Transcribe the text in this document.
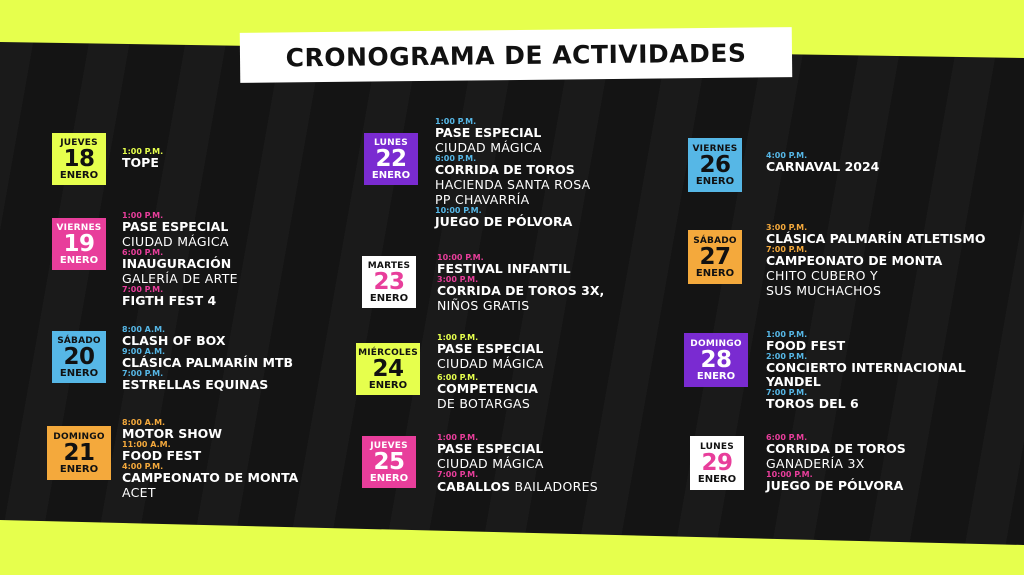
CRONOGRAMA DE ACTIVIDADES
JUEVES
18
ENERO
1:00 P.M.
TOPE
VIERNES
19
ENERO
1:00 P.M.
PASE ESPECIAL
CIUDAD MÁGICA
6:00 P.M.
INAUGURACIÓN
GALERÍA DE ARTE
7:00 P.M.
FIGTH FEST 4
SÁBADO
20
ENERO
8:00 A.M.
CLASH OF BOX
9:00 A.M.
CLÁSICA PALMARÍN MTB
7:00 P.M.
ESTRELLAS EQUINAS
DOMINGO
21
ENERO
8:00 A.M.
MOTOR SHOW
11:00 A.M.
FOOD FEST
4:00 P.M.
CAMPEONATO DE MONTA
ACET
LUNES
22
ENERO
1:00 P.M.
PASE ESPECIAL
CIUDAD MÁGICA
6:00 P.M.
CORRIDA DE TOROS
HACIENDA SANTA ROSA
PP CHAVARRÍA
10:00 P.M.
JUEGO DE PÓLVORA
MARTES
23
ENERO
10:00 P.M.
FESTIVAL INFANTIL
3:00 P.M.
CORRIDA DE TOROS 3X,
NIÑOS GRATIS
MIÉRCOLES
24
ENERO
1:00 P.M.
PASE ESPECIAL
CIUDAD MÁGICA
6:00 P.M.
COMPETENCIA
DE BOTARGAS
JUEVES
25
ENERO
1:00 P.M.
PASE ESPECIAL
CIUDAD MÁGICA
7:00 P.M.
CABALLOS BAILADORES
VIERNES
26
ENERO
4:00 P.M.
CARNAVAL 2024
SÁBADO
27
ENERO
3:00 P.M.
CLÁSICA PALMARÍN ATLETISMO
7:00 P.M.
CAMPEONATO DE MONTA
CHITO CUBERO Y
SUS MUCHACHOS
DOMINGO
28
ENERO
1:00 P.M.
FOOD FEST
2:00 P.M.
CONCIERTO INTERNACIONAL
YANDEL
7:00 P.M.
TOROS DEL 6
LUNES
29
ENERO
6:00 P.M.
CORRIDA DE TOROS
GANADERÍA 3X
10:00 P.M.
JUEGO DE PÓLVORA
